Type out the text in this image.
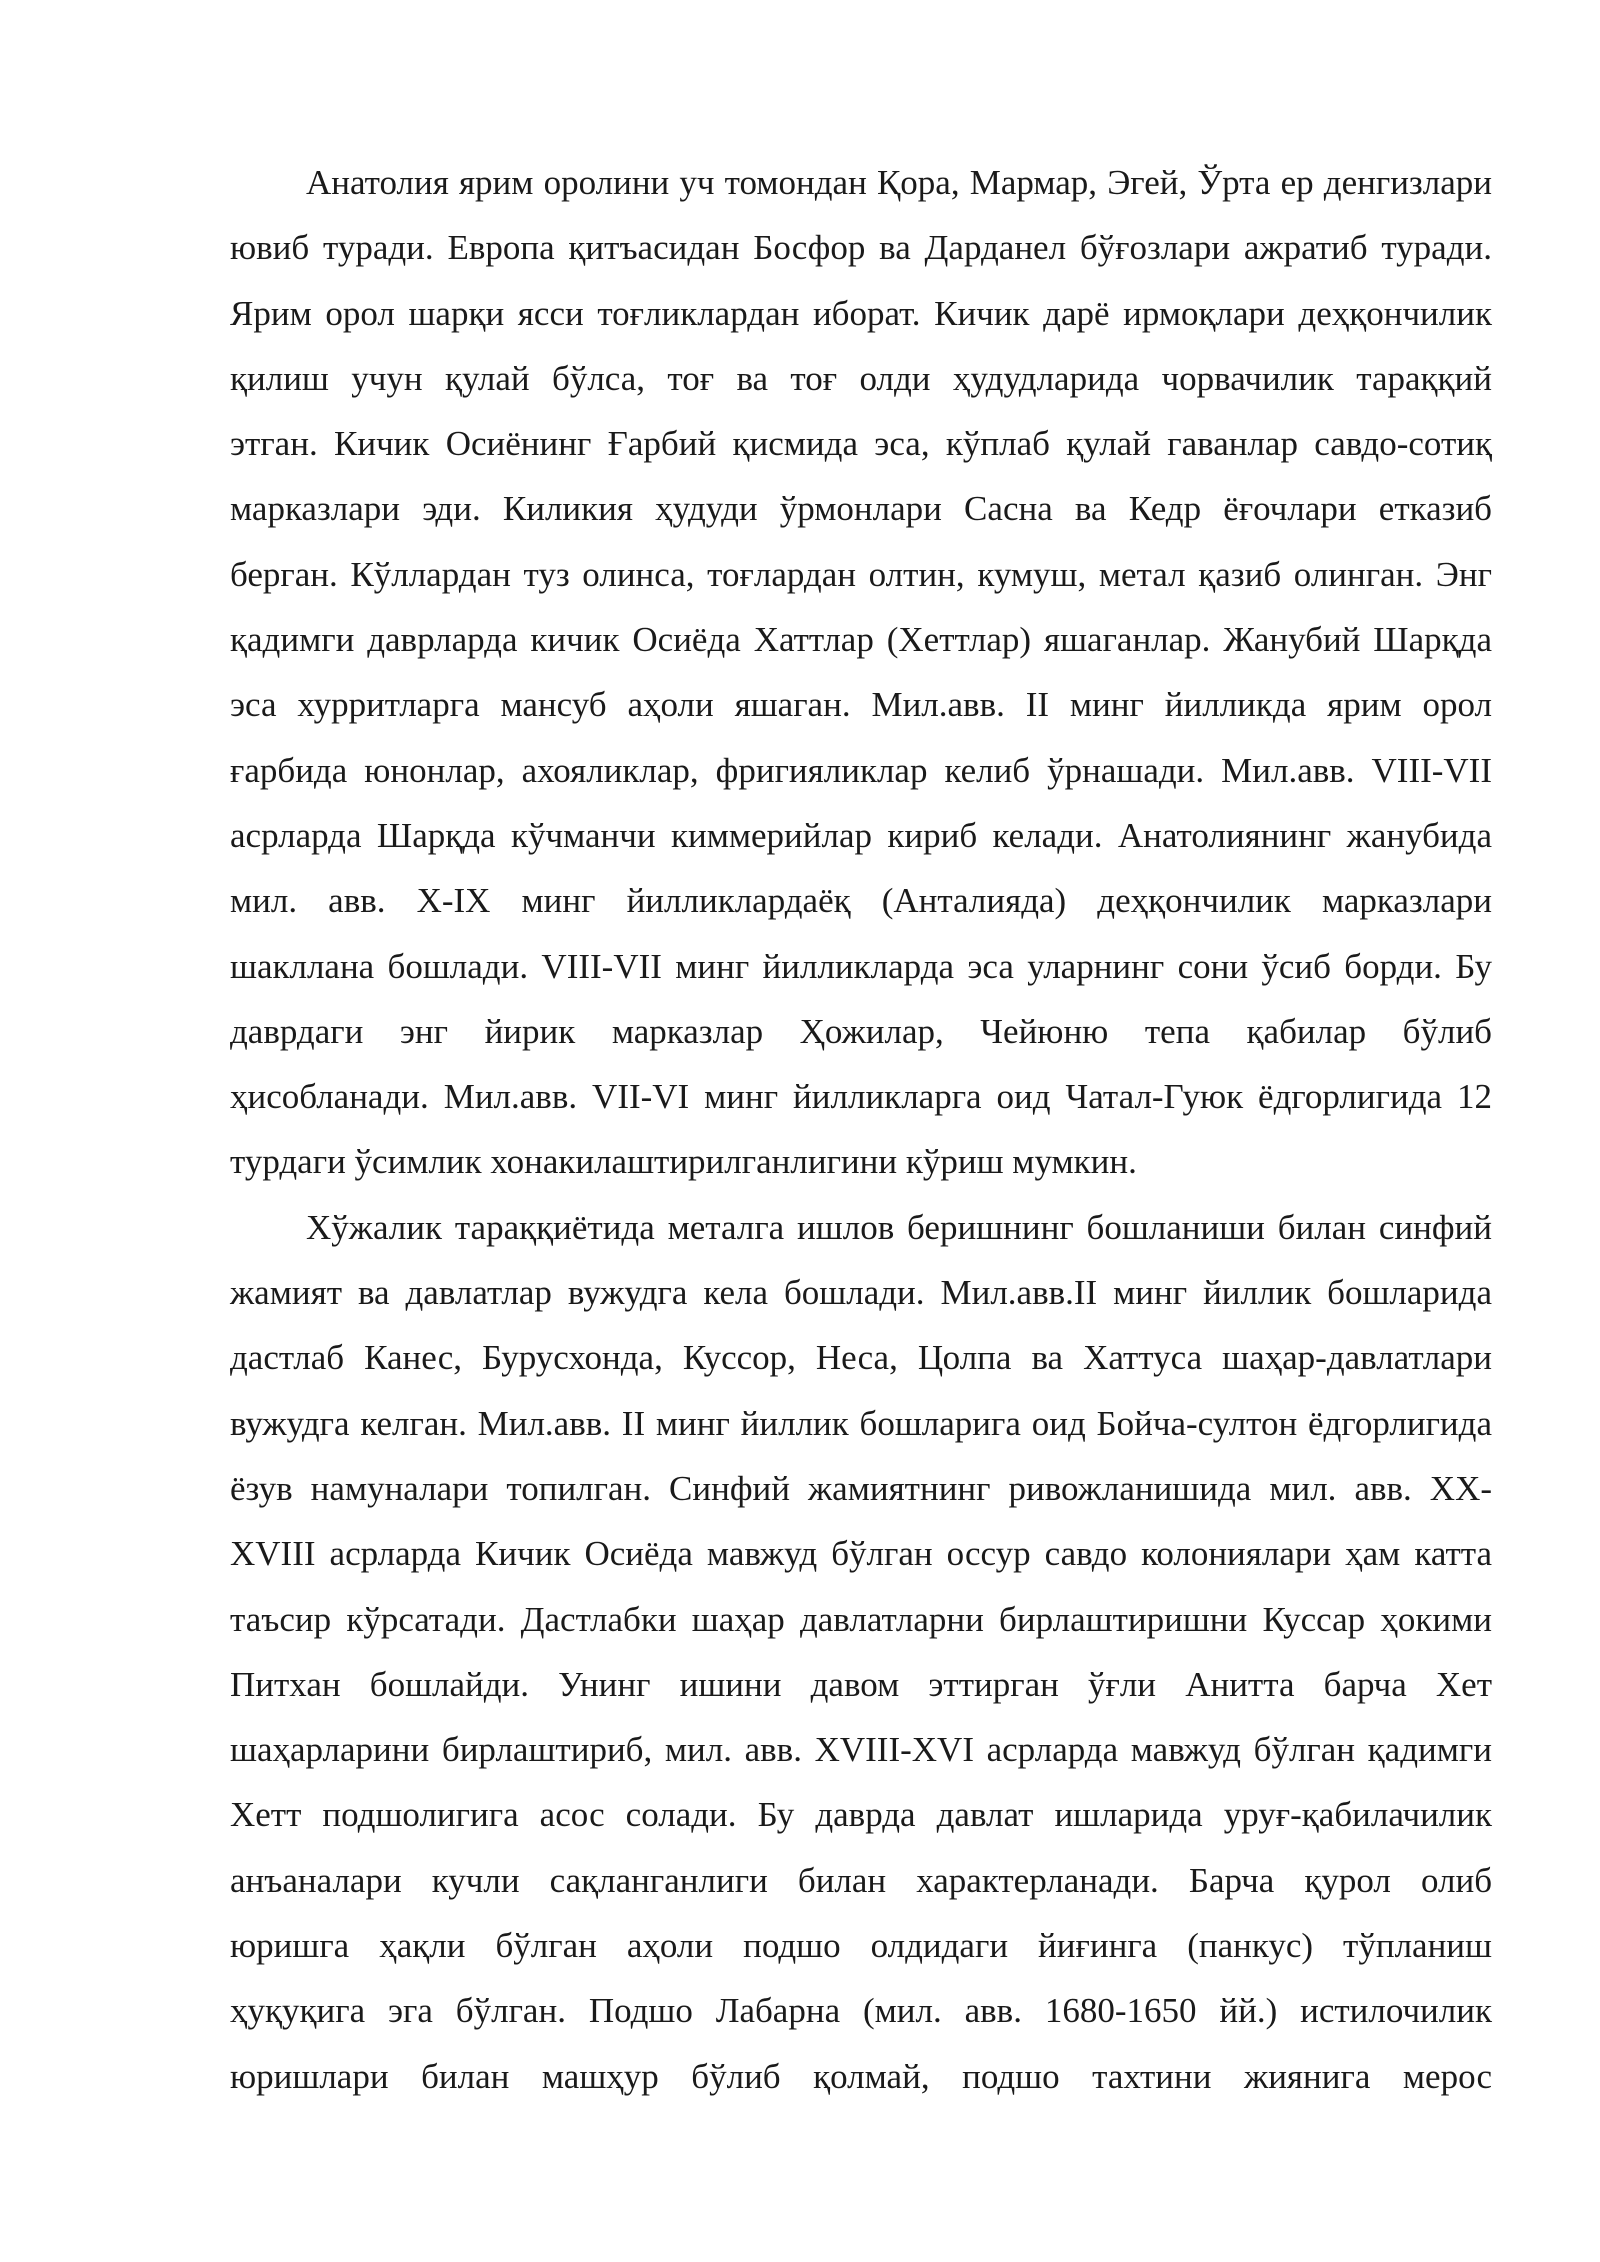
Анатолия ярим оролини уч томондан Қора, Мармар, Эгей, Ўрта ер денгизлари
ювиб туради. Европа қитъасидан Босфор ва Дарданел бўғозлари ажратиб туради.
Ярим орол шарқи ясси тоғликлардан иборат. Кичик дарё ирмоқлари деҳқончилик
қилиш учун қулай бўлса, тоғ ва тоғ олди ҳудудларида чорвачилик тараққий
этган. Кичик Осиёнинг Ғарбий қисмида эса, кўплаб қулай гаванлар савдо-сотиқ
марказлари эди. Киликия ҳудуди ўрмонлари Сасна ва Кедр ёғочлари етказиб
берган. Кўллардан туз олинса, тоғлардан олтин, кумуш, метал қазиб олинган. Энг
қадимги даврларда кичик Осиёда Хаттлар (Хеттлар) яшаганлар. Жанубий Шарқда
эса хурритларга мансуб аҳоли яшаган. Мил.авв. II минг йилликда ярим орол
ғарбида юнонлар, ахояликлар, фригияликлар келиб ўрнашади. Мил.авв. VIII-VII
асрларда Шарқда кўчманчи киммерийлар кириб келади. Анатолиянинг жанубида
мил. авв. X-IX минг йилликлардаёқ (Анталияда) деҳқончилик марказлари
шакллана бошлади. VIII-VII минг йилликларда эса уларнинг сони ўсиб борди. Бу
даврдаги энг йирик марказлар Ҳожилар, Чейюню тепа қабилар бўлиб
ҳисобланади. Мил.авв. VII-VI минг йилликларга оид Чатал-Гуюк ёдгорлигида 12
турдаги ўсимлик хонакилаштирилганлигини кўриш мумкин.
Хўжалик тараққиётида металга ишлов беришнинг бошланиши билан синфий
жамият ва давлатлар вужудга кела бошлади. Мил.авв.II минг йиллик бошларида
дастлаб Канес, Бурусхонда, Куссор, Неса, Цолпа ва Хаттуса шаҳар-давлатлари
вужудга келган. Мил.авв. II минг йиллик бошларига оид Бойча-султон ёдгорлигида
ёзув намуналари топилган. Синфий жамиятнинг ривожланишида мил. авв. XX-
XVIII асрларда Кичик Осиёда мавжуд бўлган оссур савдо колониялари ҳам катта
таъсир кўрсатади. Дастлабки шаҳар давлатларни бирлаштиришни Куссар ҳокими
Питхан бошлайди. Унинг ишини давом эттирган ўғли Анитта барча Хет
шаҳарларини бирлаштириб, мил. авв. XVIII-XVI асрларда мавжуд бўлган қадимги
Хетт подшолигига асос солади. Бу даврда давлат ишларида уруғ-қабилачилик
анъаналари кучли сақланганлиги билан характерланади. Барча қурол олиб
юришга ҳақли бўлган аҳоли подшо олдидаги йиғинга (панкус) тўпланиш
ҳуқуқига эга бўлган. Подшо Лабарна (мил. авв. 1680-1650 йй.) истилочилик
юришлари билан машҳур бўлиб қолмай, подшо тахтини жиянига мерос
